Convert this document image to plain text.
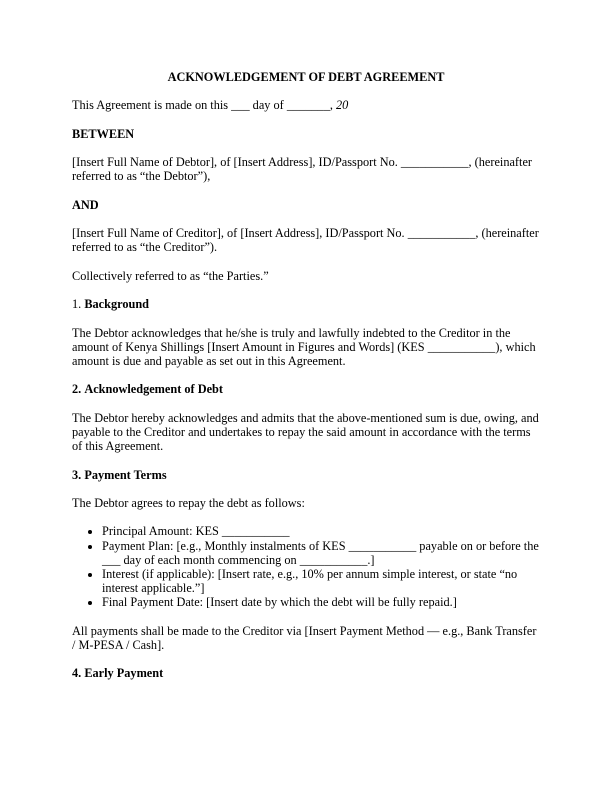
ACKNOWLEDGEMENT OF DEBT AGREEMENT

This Agreement is made on this ___ day of _______, 20

BETWEEN

[Insert Full Name of Debtor], of [Insert Address], ID/Passport No. ___________, (hereinafter referred to as “the Debtor”),

AND

[Insert Full Name of Creditor], of [Insert Address], ID/Passport No. ___________, (hereinafter referred to as “the Creditor”).

Collectively referred to as “the Parties.”

1. Background

The Debtor acknowledges that he/she is truly and lawfully indebted to the Creditor in the amount of Kenya Shillings [Insert Amount in Figures and Words] (KES ___________), which amount is due and payable as set out in this Agreement.

2. Acknowledgement of Debt

The Debtor hereby acknowledges and admits that the above-mentioned sum is due, owing, and payable to the Creditor and undertakes to repay the said amount in accordance with the terms of this Agreement.

3. Payment Terms

The Debtor agrees to repay the debt as follows:

• Principal Amount: KES ___________
• Payment Plan: [e.g., Monthly instalments of KES ___________ payable on or before the ___ day of each month commencing on ___________.]
• Interest (if applicable): [Insert rate, e.g., 10% per annum simple interest, or state “no interest applicable.”]
• Final Payment Date: [Insert date by which the debt will be fully repaid.]

All payments shall be made to the Creditor via [Insert Payment Method — e.g., Bank Transfer / M-PESA / Cash].

4. Early Payment
